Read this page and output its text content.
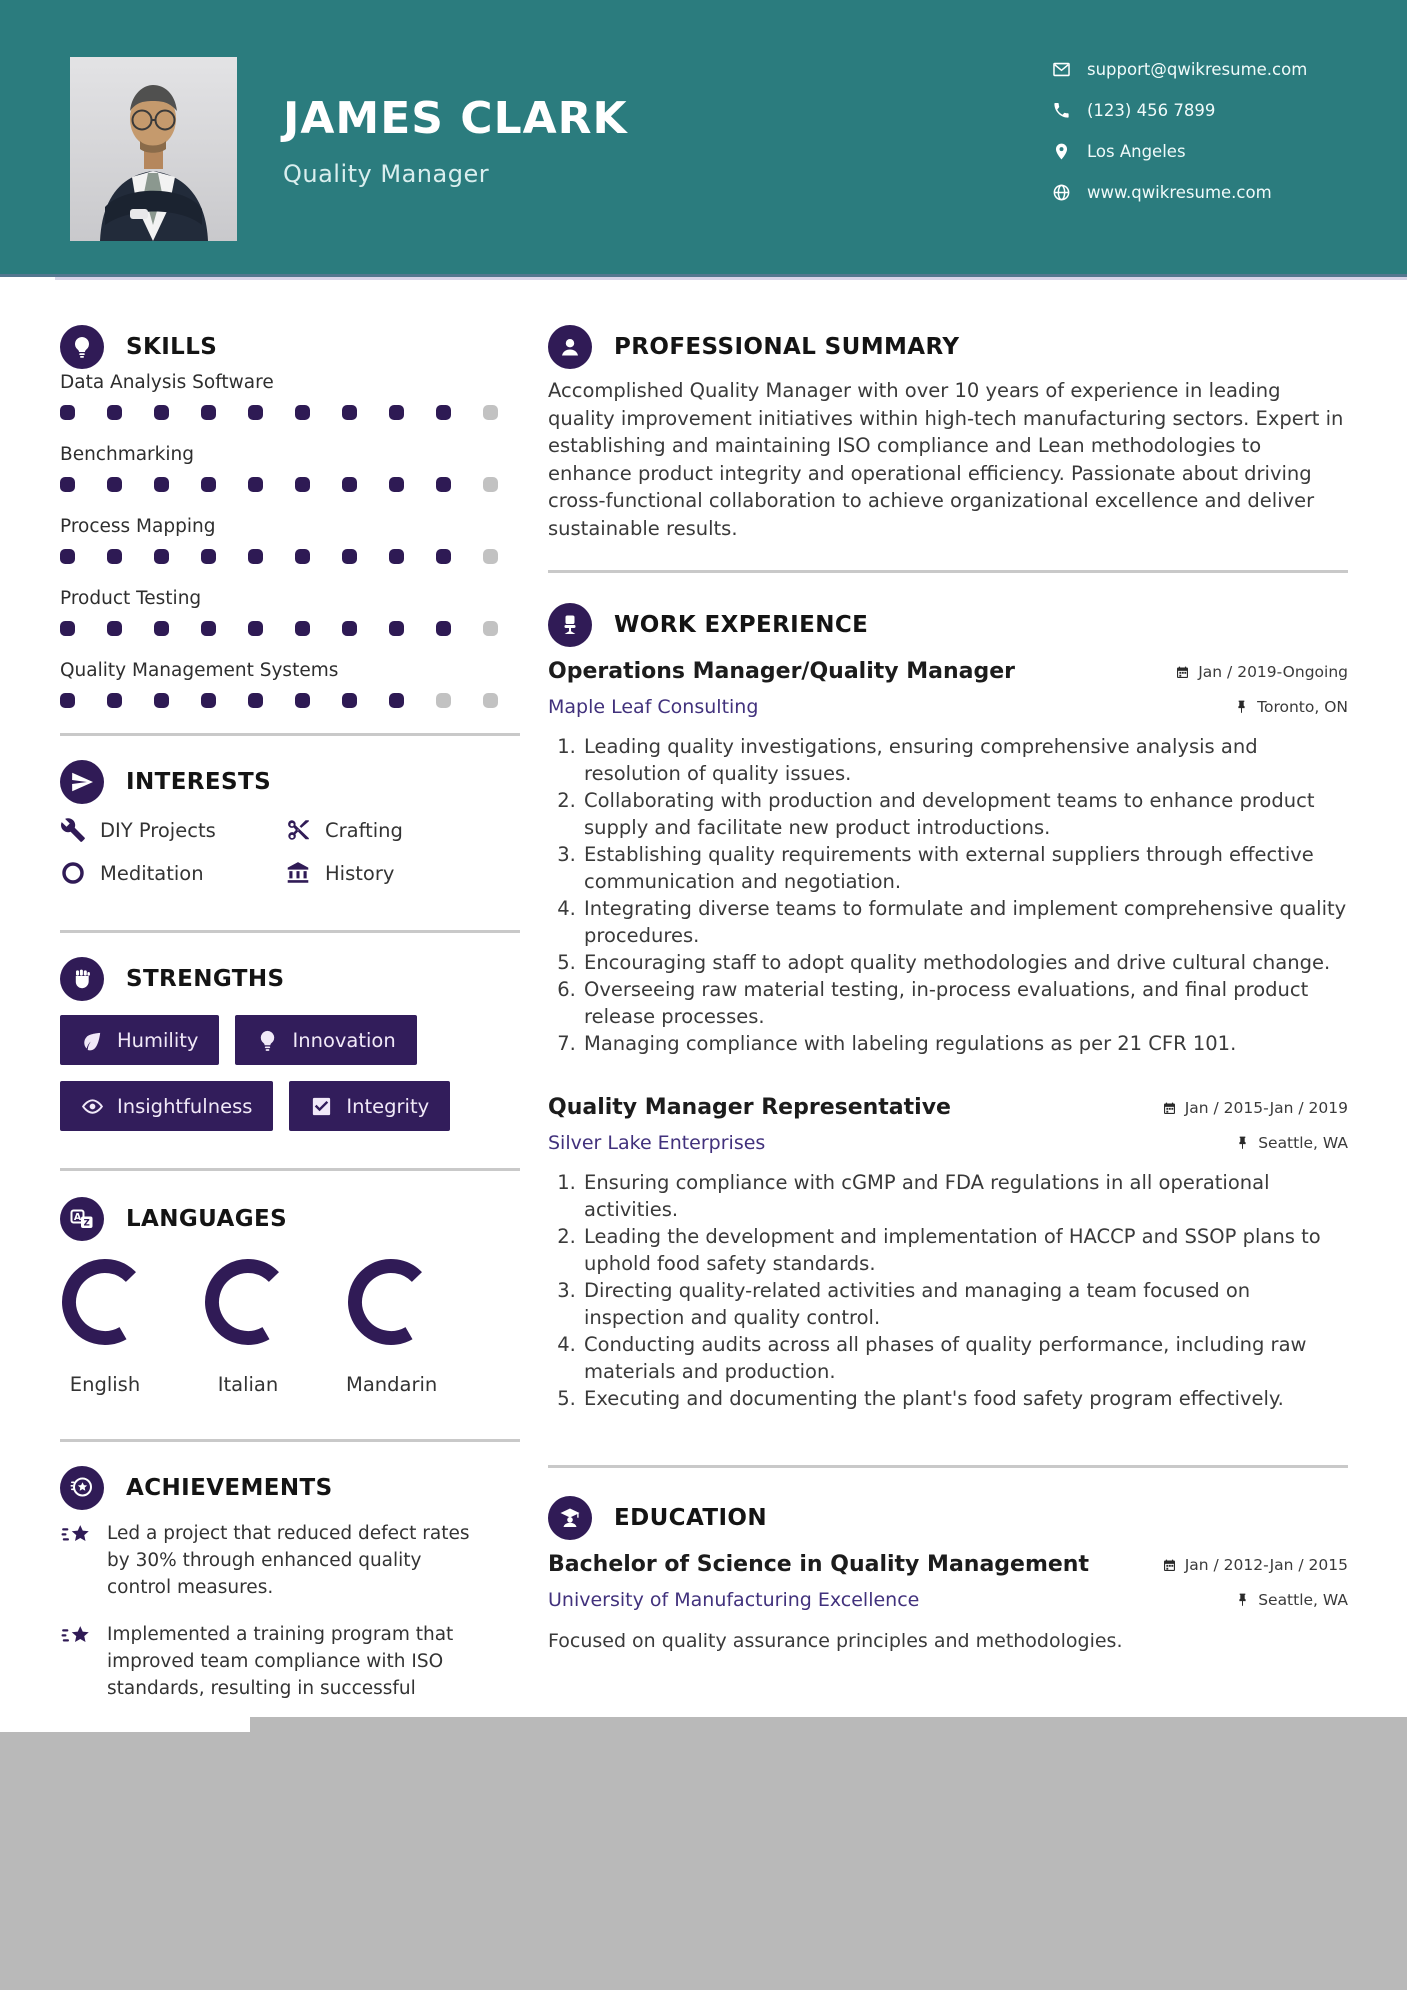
JAMES CLARK
Quality Manager
support@qwikresume.com
(123) 456 7899
Los Angeles
www.qwikresume.com
SKILLS
Data Analysis Software
Benchmarking
Process Mapping
Product Testing
Quality Management Systems
INTERESTS
DIY Projects	Crafting
Meditation	History
STRENGTHS
Humility	Innovation
Insightfulness	Integrity
A
Z LANGUAGES
English	Italian	Mandarin
ACHIEVEMENTS
Led a project that reduced defect rates by 30% through enhanced quality control measures.
Implemented a training program that improved team compliance with ISO standards, resulting in successful
PROFESSIONAL SUMMARY
Accomplished Quality Manager with over 10 years of experience in leading quality improvement initiatives within high-tech manufacturing sectors. Expert in establishing and maintaining ISO compliance and Lean methodologies to enhance product integrity and operational efficiency. Passionate about driving cross-functional collaboration to achieve organizational excellence and deliver sustainable results.
WORK EXPERIENCE
Operations Manager/Quality Manager
Maple Leaf Consulting
Jan / 2019-Ongoing
Toronto, ON
1. Leading quality investigations, ensuring comprehensive analysis and resolution of quality issues.
2. Collaborating with production and development teams to enhance product supply and facilitate new product introductions.
3. Establishing quality requirements with external suppliers through effective communication and negotiation.
4. Integrating diverse teams to formulate and implement comprehensive quality procedures.
5. Encouraging staff to adopt quality methodologies and drive cultural change.
6. Overseeing raw material testing, in-process evaluations, and final product release processes.
7. Managing compliance with labeling regulations as per 21 CFR 101.
Quality Manager Representative
Silver Lake Enterprises
Jan / 2015-Jan / 2019
Seattle, WA
1. Ensuring compliance with cGMP and FDA regulations in all operational activities.
2. Leading the development and implementation of HACCP and SSOP plans to uphold food safety standards.
3. Directing quality-related activities and managing a team focused on inspection and quality control.
4. Conducting audits across all phases of quality performance, including raw materials and production.
5. Executing and documenting the plant's food safety program effectively.
EDUCATION
Bachelor of Science in Quality Management
University of Manufacturing Excellence
Jan / 2012-Jan / 2015
Seattle, WA
Focused on quality assurance principles and methodologies.
